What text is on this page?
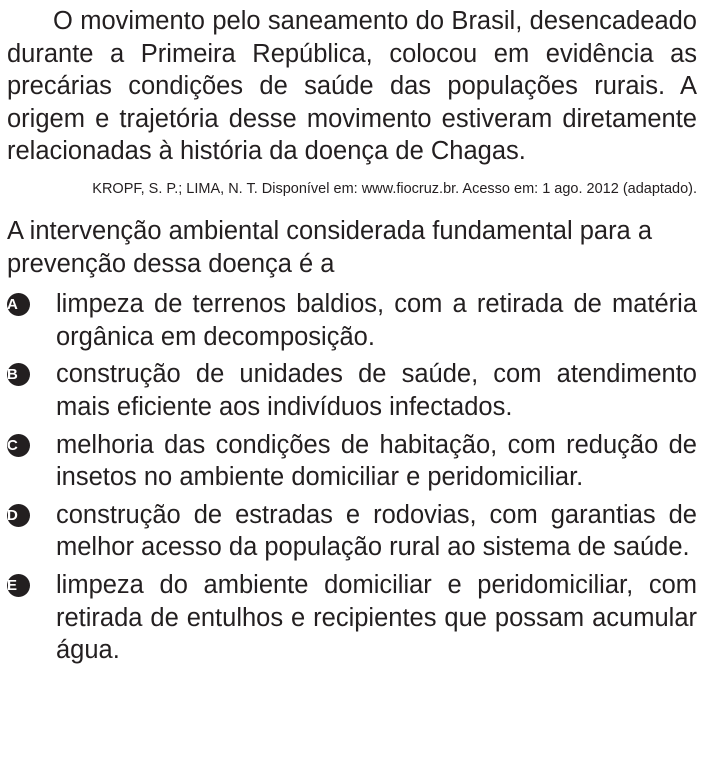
O movimento pelo saneamento do Brasil, desencadeado durante a Primeira República, colocou em evidência as precárias condições de saúde das populações rurais. A origem e trajetória desse movimento estiveram diretamente relacionadas à história da doença de Chagas.

KROPF, S. P.; LIMA, N. T. Disponível em: www.fiocruz.br. Acesso em: 1 ago. 2012 (adaptado).

A intervenção ambiental considerada fundamental para a prevenção dessa doença é a

A	limpeza de terrenos baldios, com a retirada de matéria orgânica em decomposição.
B	construção de unidades de saúde, com atendimento mais eficiente aos indivíduos infectados.
C	melhoria das condições de habitação, com redução de insetos no ambiente domiciliar e peridomiciliar.
D	construção de estradas e rodovias, com garantias de melhor acesso da população rural ao sistema de saúde.
E	limpeza do ambiente domiciliar e peridomiciliar, com retirada de entulhos e recipientes que possam acumular água.
